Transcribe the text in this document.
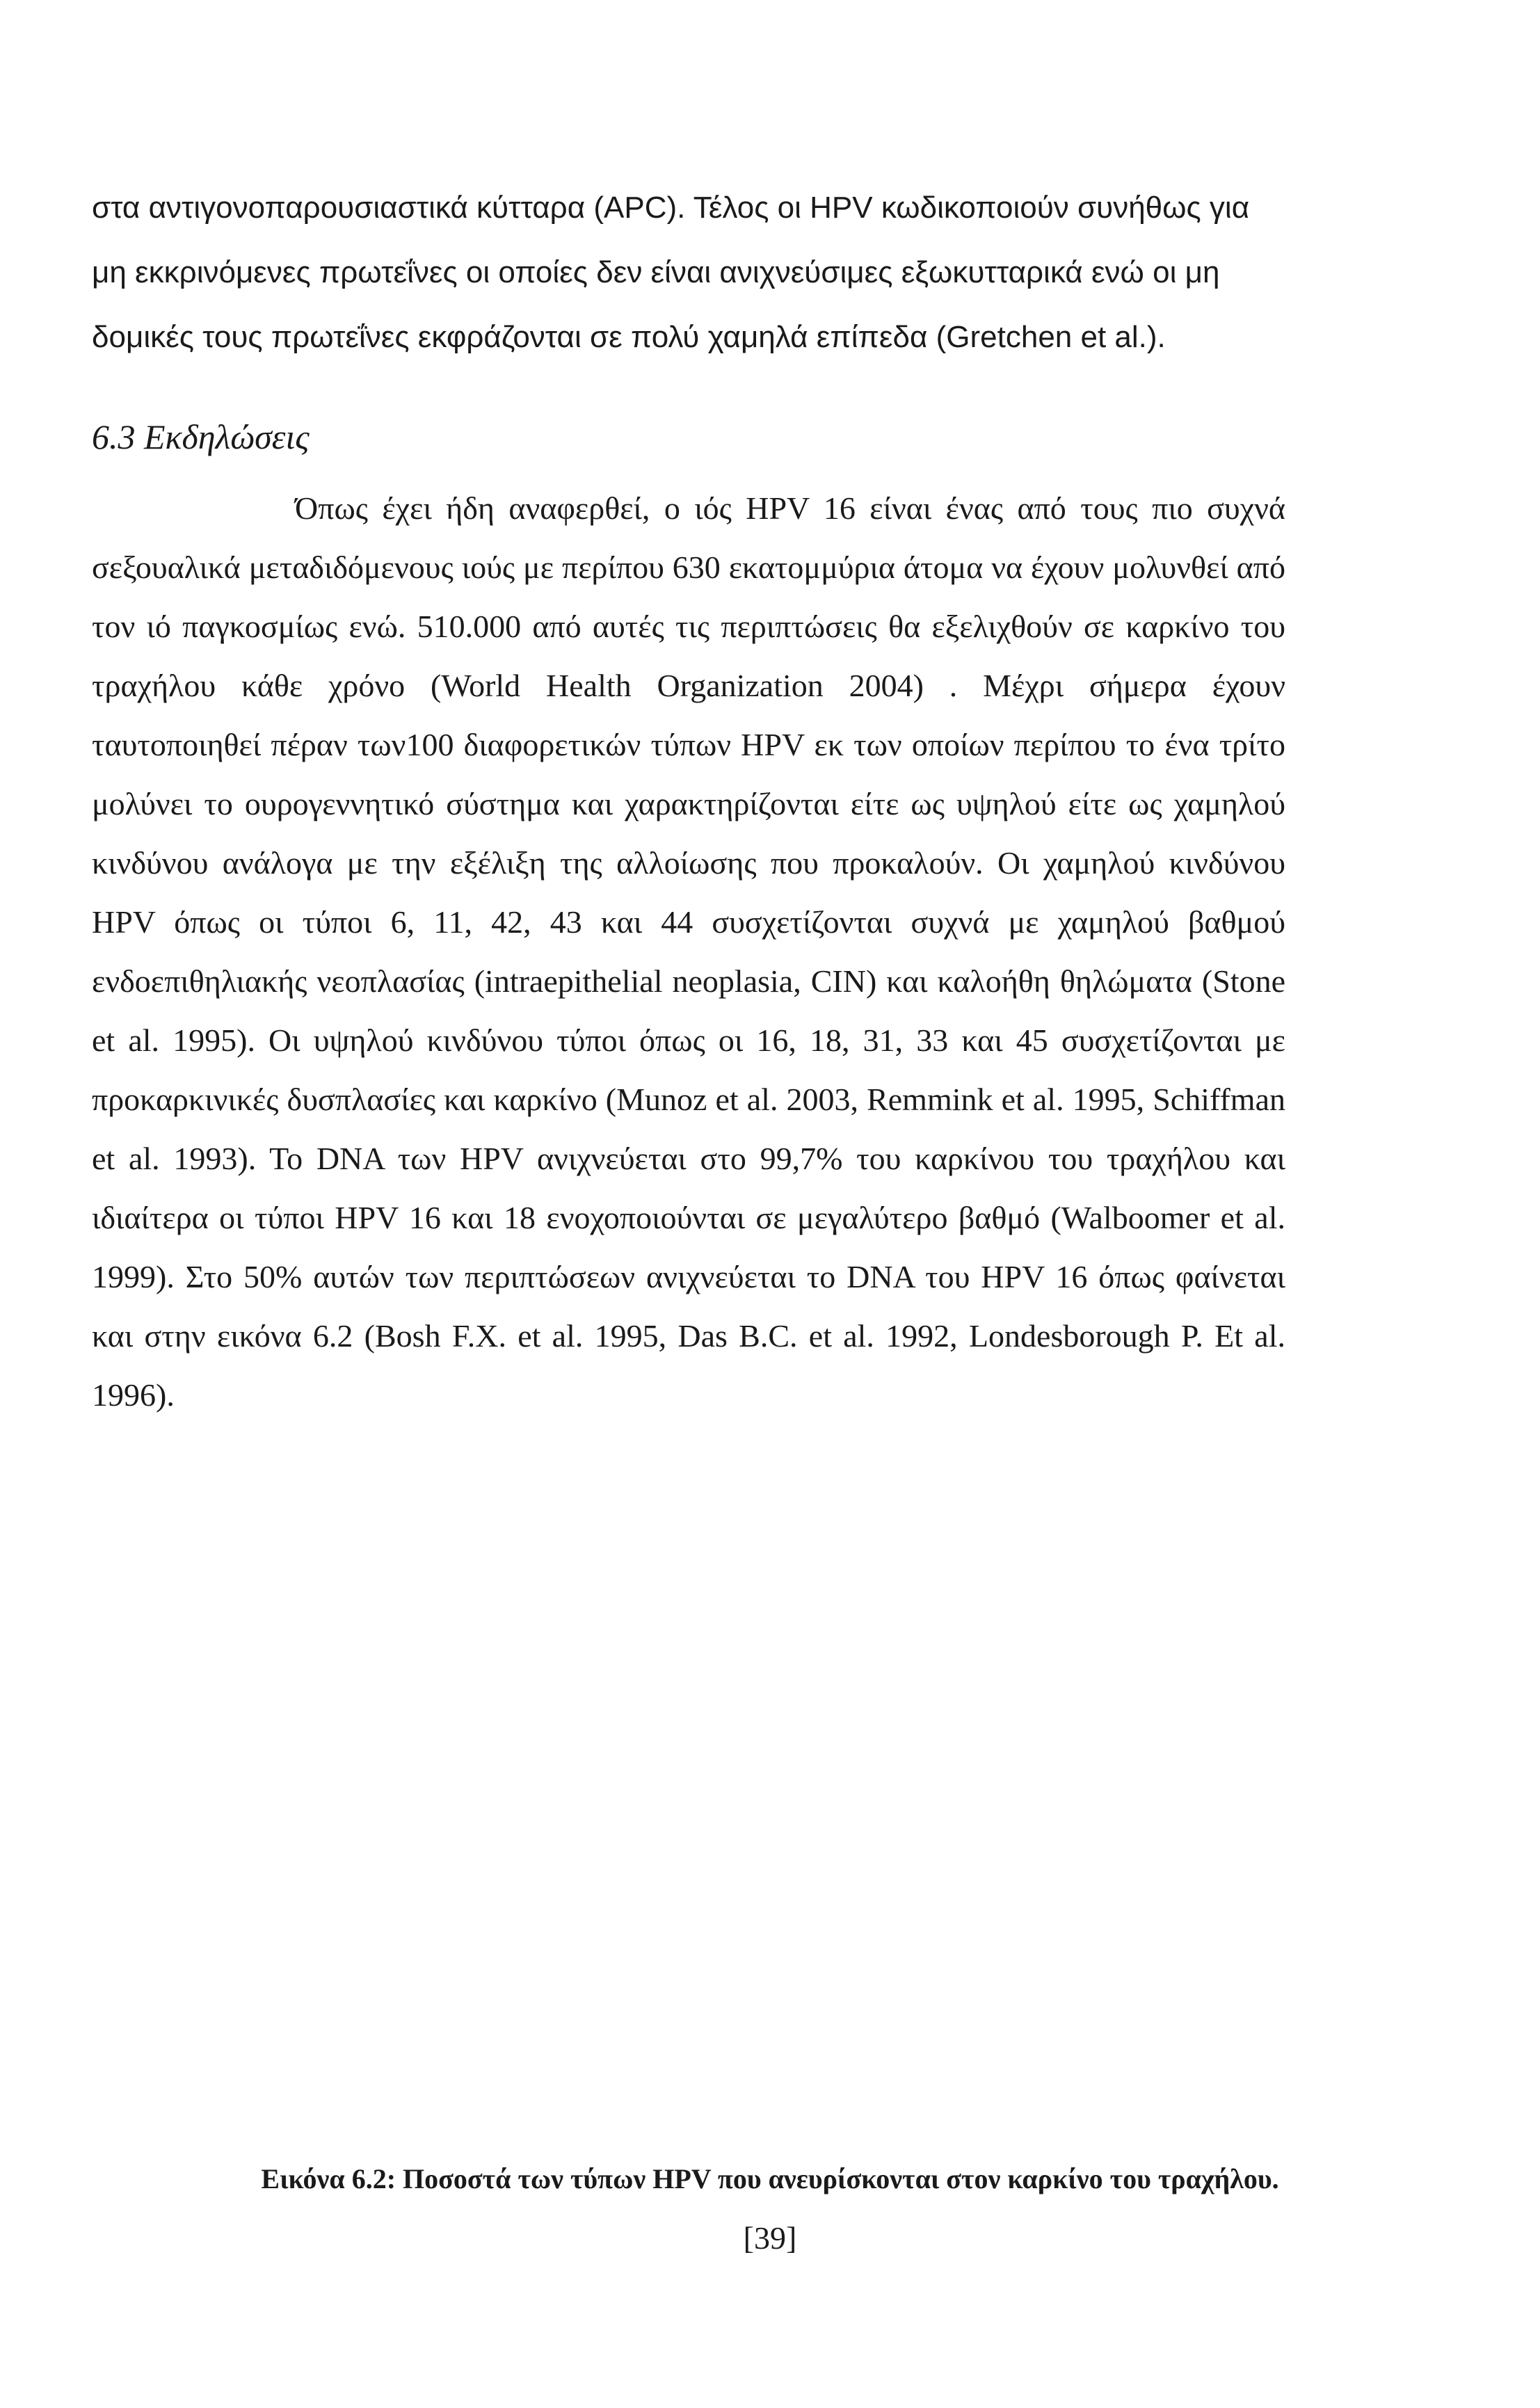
στα αντιγονοπαρουσιαστικά κύτταρα (APC). Τέλος οι HPV κωδικοποιούν συνήθως για μη εκκρινόμενες πρωτεΐνες οι οποίες δεν είναι ανιχνεύσιμες εξωκυτταρικά ενώ οι μη δομικές τους πρωτεΐνες εκφράζονται σε πολύ χαμηλά επίπεδα (Gretchen et al.).

6.3 Εκδηλώσεις

Όπως έχει ήδη αναφερθεί, ο ιός HPV 16 είναι ένας από τους πιο συχνά σεξουαλικά μεταδιδόμενους ιούς με περίπου 630 εκατομμύρια άτομα να έχουν μολυνθεί από τον ιό παγκοσμίως ενώ. 510.000 από αυτές τις περιπτώσεις θα εξελιχθούν σε καρκίνο του τραχήλου κάθε χρόνο (World Health Organization 2004) . Μέχρι σήμερα έχουν ταυτοποιηθεί πέραν των100 διαφορετικών τύπων HPV εκ των οποίων περίπου το ένα τρίτο μολύνει το ουρογεννητικό σύστημα και χαρακτηρίζονται είτε ως υψηλού είτε ως χαμηλού κινδύνου ανάλογα με την εξέλιξη της αλλοίωσης που προκαλούν. Οι χαμηλού κινδύνου HPV όπως οι τύποι 6, 11, 42, 43 και 44 συσχετίζονται συχνά με χαμηλού βαθμού ενδοεπιθηλιακής νεοπλασίας (intraepithelial neoplasia, CIN) και καλοήθη θηλώματα (Stone et al. 1995). Οι υψηλού κινδύνου τύποι όπως οι 16, 18, 31, 33 και 45 συσχετίζονται με προκαρκινικές δυσπλασίες και καρκίνο (Munoz et al. 2003, Remmink et al. 1995, Schiffman et al. 1993). Το DNA των HPV ανιχνεύεται στο 99,7% του καρκίνου του τραχήλου και ιδιαίτερα οι τύποι HPV 16 και 18 ενοχοποιούνται σε μεγαλύτερο βαθμό (Walboomer et al. 1999). Στο 50% αυτών των περιπτώσεων ανιχνεύεται το DNA του HPV 16 όπως φαίνεται και στην εικόνα 6.2 (Bosh F.X. et al. 1995, Das B.C. et al. 1992, Londesborough P. Et al. 1996).

Εικόνα 6.2: Ποσοστά των τύπων HPV που ανευρίσκονται στον καρκίνο του τραχήλου.

[39]
